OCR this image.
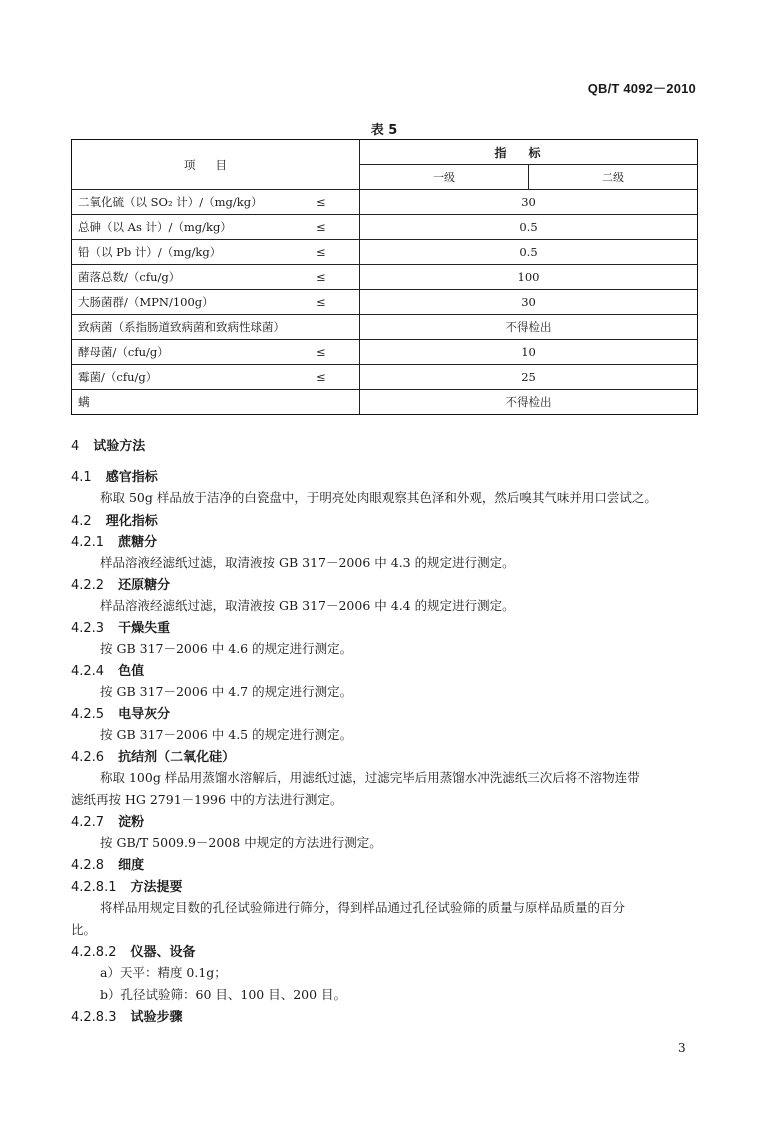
QB/T 4092－2010
表 5
项目	指标	
	一级	二级
二氧化硫（以 SO₂ 计）/（mg/kg） ≤	30	
总砷（以 As 计）/（mg/kg） ≤	0.5	
铅（以 Pb 计）/（mg/kg） ≤	0.5	
菌落总数/（cfu/g） ≤	100	
大肠菌群/（MPN/100g） ≤	30	
致病菌（系指肠道致病菌和致病性球菌）	不得检出	
酵母菌/（cfu/g） ≤	10	
霉菌/（cfu/g） ≤	25	
螨	不得检出	
4 试验方法
4.1 感官指标
称取 50g 样品放于洁净的白瓷盘中，于明亮处肉眼观察其色泽和外观，然后嗅其气味并用口尝试之。
4.2 理化指标
4.2.1 蔗糖分
样品溶液经滤纸过滤，取清液按 GB 317－2006 中 4.3 的规定进行测定。
4.2.2 还原糖分
样品溶液经滤纸过滤，取清液按 GB 317－2006 中 4.4 的规定进行测定。
4.2.3 干燥失重
按 GB 317－2006 中 4.6 的规定进行测定。
4.2.4 色值
按 GB 317－2006 中 4.7 的规定进行测定。
4.2.5 电导灰分
按 GB 317－2006 中 4.5 的规定进行测定。
4.2.6 抗结剂（二氧化硅）
称取 100g 样品用蒸馏水溶解后，用滤纸过滤，过滤完毕后用蒸馏水冲洗滤纸三次后将不溶物连带
滤纸再按 HG 2791－1996 中的方法进行测定。
4.2.7 淀粉
按 GB/T 5009.9－2008 中规定的方法进行测定。
4.2.8 细度
4.2.8.1 方法提要
将样品用规定目数的孔径试验筛进行筛分，得到样品通过孔径试验筛的质量与原样品质量的百分
比。
4.2.8.2 仪器、设备
a）天平：精度 0.1g；
b）孔径试验筛：60 目、100 目、200 目。
4.2.8.3 试验步骤
3
